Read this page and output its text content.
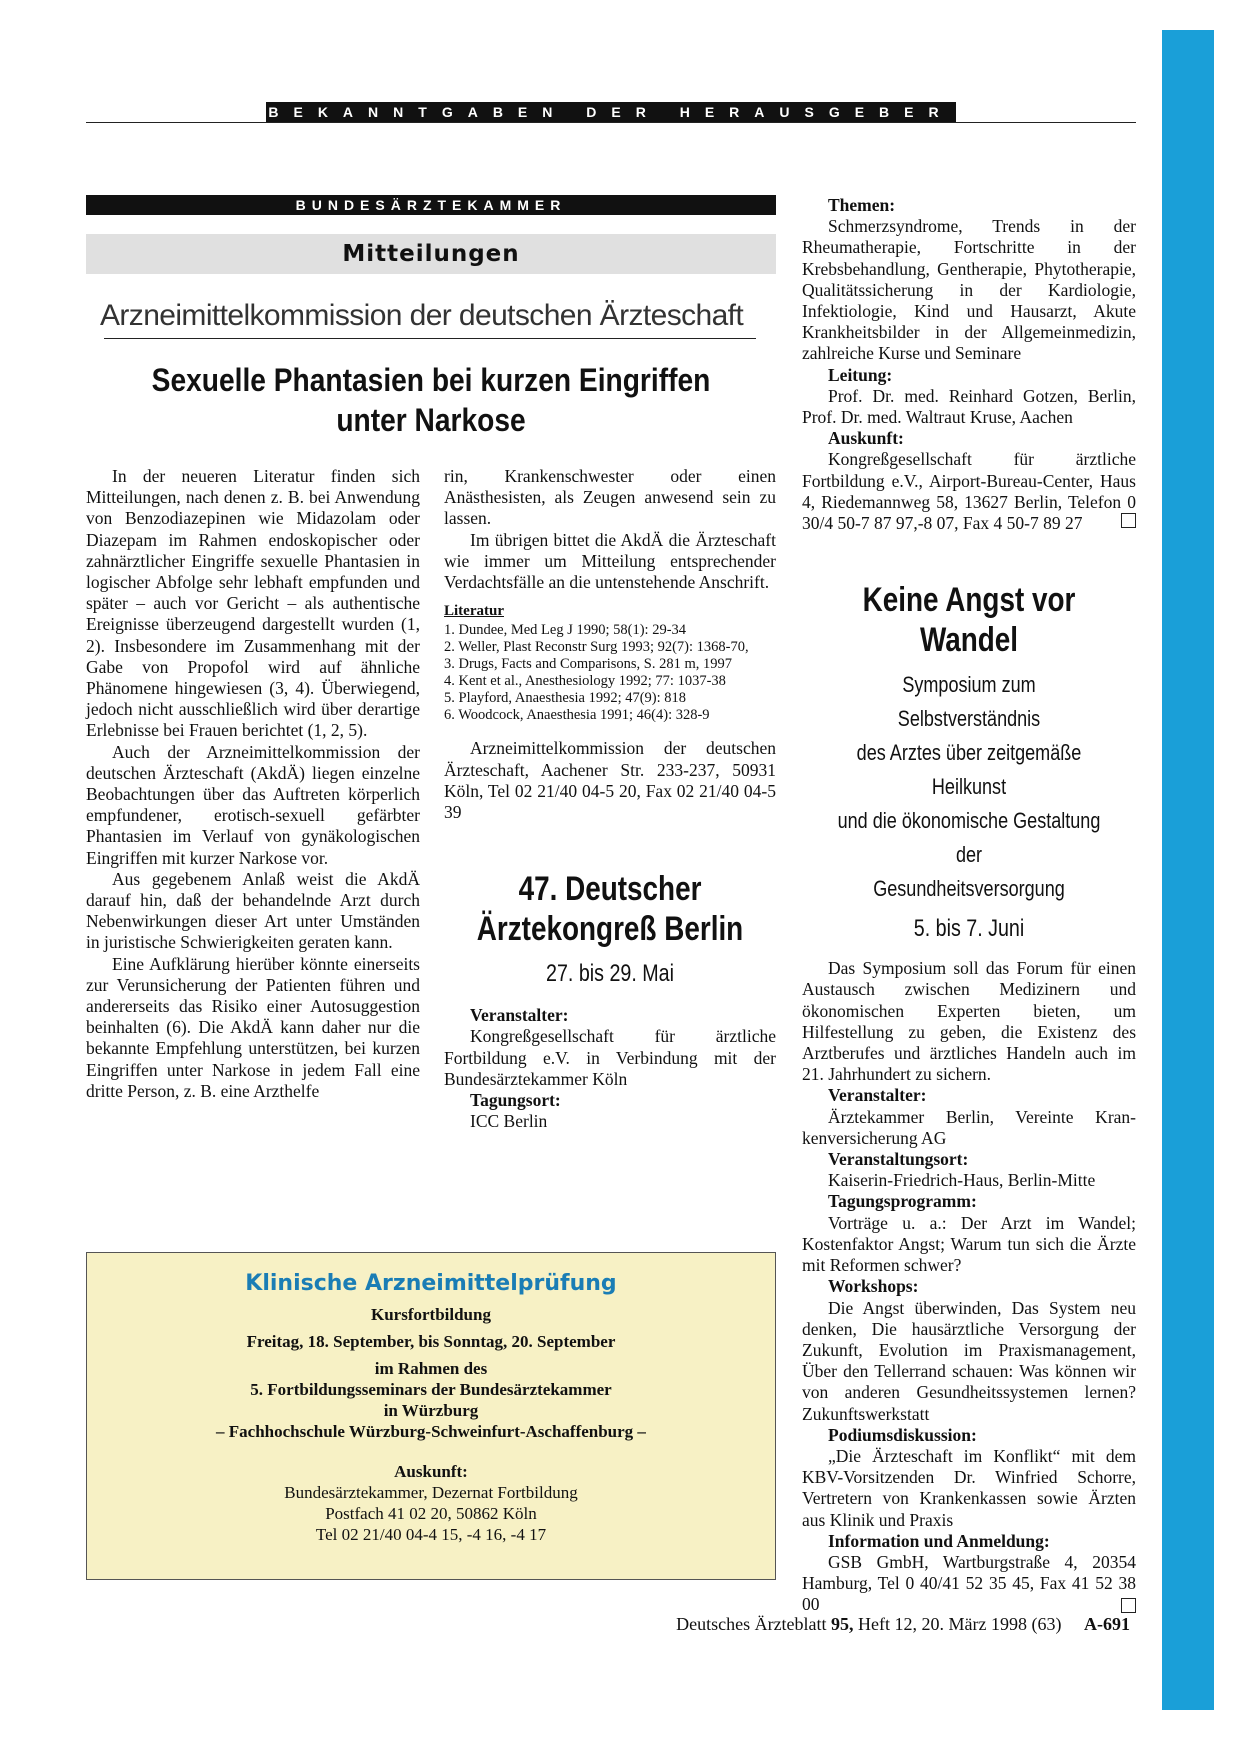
BEKANNTGABEN DER HERAUSGEBER
BUNDESÄRZTEKAMMER
Mitteilungen
Arzneimittelkommission der deutschen Ärzteschaft
Sexuelle Phantasien bei kurzen Eingriffen
unter Narkose

In der neueren Literatur finden sich Mitteilungen, nach denen z. B. bei Anwendung von Benzodiazepinen wie Midazolam oder Diazepam im Rahmen endoskopischer oder zahnärztlicher Eingriffe sexuelle Phantasien in logischer Abfolge sehr lebhaft empfunden und später – auch vor Gericht – als authentische Ereignisse überzeugend dargestellt wurden (1, 2). Insbesondere im Zusammenhang mit der Gabe von Propofol wird auf ähnliche Phänomene hingewiesen (3, 4). Überwiegend, jedoch nicht ausschließlich wird über derartige Erlebnisse bei Frauen berichtet (1, 2, 5).

Auch der Arzneimittelkommission der deutschen Ärzteschaft (AkdÄ) liegen einzelne Beobachtungen über das Auftreten körperlich empfundener, erotisch-sexuell gefärbter Phantasien im Verlauf von gynäkologischen Eingriffen mit kurzer Narkose vor.

Aus gegebenem Anlaß weist die AkdÄ darauf hin, daß der behandelnde Arzt durch Nebenwirkungen dieser Art unter Umständen in juristische Schwierigkeiten geraten kann.

Eine Aufklärung hierüber könnte einerseits zur Verunsicherung der Patienten führen und andererseits das Risiko einer Autosuggestion beinhalten (6). Die AkdÄ kann daher nur die bekannte Empfehlung unterstützen, bei kurzen Eingriffen unter Narkose in jedem Fall eine dritte Person, z. B. eine Arzthelfe

rin, Krankenschwester oder einen Anästhesisten, als Zeugen anwesend sein zu lassen.

Im übrigen bittet die AkdÄ die Ärzteschaft wie immer um Mitteilung entsprechender Verdachtsfälle an die untenstehende Anschrift.

Literatur
1. Dundee, Med Leg J 1990; 58(1): 29-34
2. Weller, Plast Reconstr Surg 1993; 92(7): 1368-70,
3. Drugs, Facts and Comparisons, S. 281 m, 1997
4. Kent et al., Anesthesiology 1992; 77: 1037-38
5. Playford, Anaesthesia 1992; 47(9): 818
6. Woodcock, Anaesthesia 1991; 46(4): 328-9

Arzneimittelkommission der deutschen Ärzteschaft, Aachener Str. 233-237, 50931 Köln, Tel 02 21/40 04-5 20, Fax 02 21/40 04-5 39

47. Deutscher
Ärztekongreß Berlin
27. bis 29. Mai
Veranstalter:

Kongreßgesellschaft für ärztliche Fortbildung e.V. in Verbindung mit der Bundesärztekammer Köln

Tagungsort:
ICC Berlin
Themen:

Schmerzsyndrome, Trends in der Rheumatherapie, Fortschritte in der Krebsbehandlung, Gentherapie, Phytotherapie, Qualitätssicherung in der Kardiologie, Infektiologie, Kind und Hausarzt, Akute Krankheitsbilder in der Allgemeinmedizin, zahlreiche Kurse und Seminare

Leitung:

Prof. Dr. med. Reinhard Gotzen, Berlin, Prof. Dr. med. Waltraut Kruse, Aachen

Auskunft:

Kongreßgesellschaft für ärztliche Fortbildung e.V., Airport-Bureau-Center, Haus 4, Riedemannweg 58, 13627 Berlin, Telefon 0 30/4 50-7 87 97,-8 07, Fax 4 50-7 89 27

Keine Angst vor
Wandel
Symposium zum Selbstverständnis
des Arztes über zeitgemäße Heilkunst
und die ökonomische Gestaltung der
Gesundheitsversorgung
5. bis 7. Juni

Das Symposium soll das Forum für einen Austausch zwischen Medizinern und ökonomischen Experten bieten, um Hilfestellung zu geben, die Existenz des Arztberufes und ärztliches Handeln auch im 21. Jahrhundert zu sichern.

Veranstalter:

Ärztekammer Berlin, Vereinte Krankenversicherung AG

Veranstaltungsort:

Kaiserin-Friedrich-Haus, Berlin-Mitte

Tagungsprogramm:

Vorträge u. a.: Der Arzt im Wandel; Kostenfaktor Angst; Warum tun sich die Ärzte mit Reformen schwer?

Workshops:

Die Angst überwinden, Das System neu denken, Die hausärztliche Versorgung der Zukunft, Evolution im Praxismanagement, Über den Tellerrand schauen: Was können wir von anderen Gesundheitssystemen lernen? Zukunftswerkstatt

Podiumsdiskussion:

„Die Ärzteschaft im Konflikt“ mit dem KBV-Vorsitzenden Dr. Winfried Schorre, Vertretern von Krankenkassen sowie Ärzten aus Klinik und Praxis

Information und Anmeldung:

GSB GmbH, Wartburgstraße 4, 20354 Hamburg, Tel 0 40/41 52 35 45, Fax 41 52 38 00

Klinische Arzneimittelprüfung
Kursfortbildung
Freitag, 18. September, bis Sonntag, 20. September
im Rahmen des
5. Fortbildungsseminars der Bundesärztekammer
in Würzburg
– Fachhochschule Würzburg-Schweinfurt-Aschaffenburg –
Auskunft:
Bundesärztekammer, Dezernat Fortbildung
Postfach 41 02 20, 50862 Köln
Tel 02 21/40 04-4 15, -4 16, -4 17
Deutsches Ärzteblatt 95, Heft 12, 20. März 1998 (63) A-691
